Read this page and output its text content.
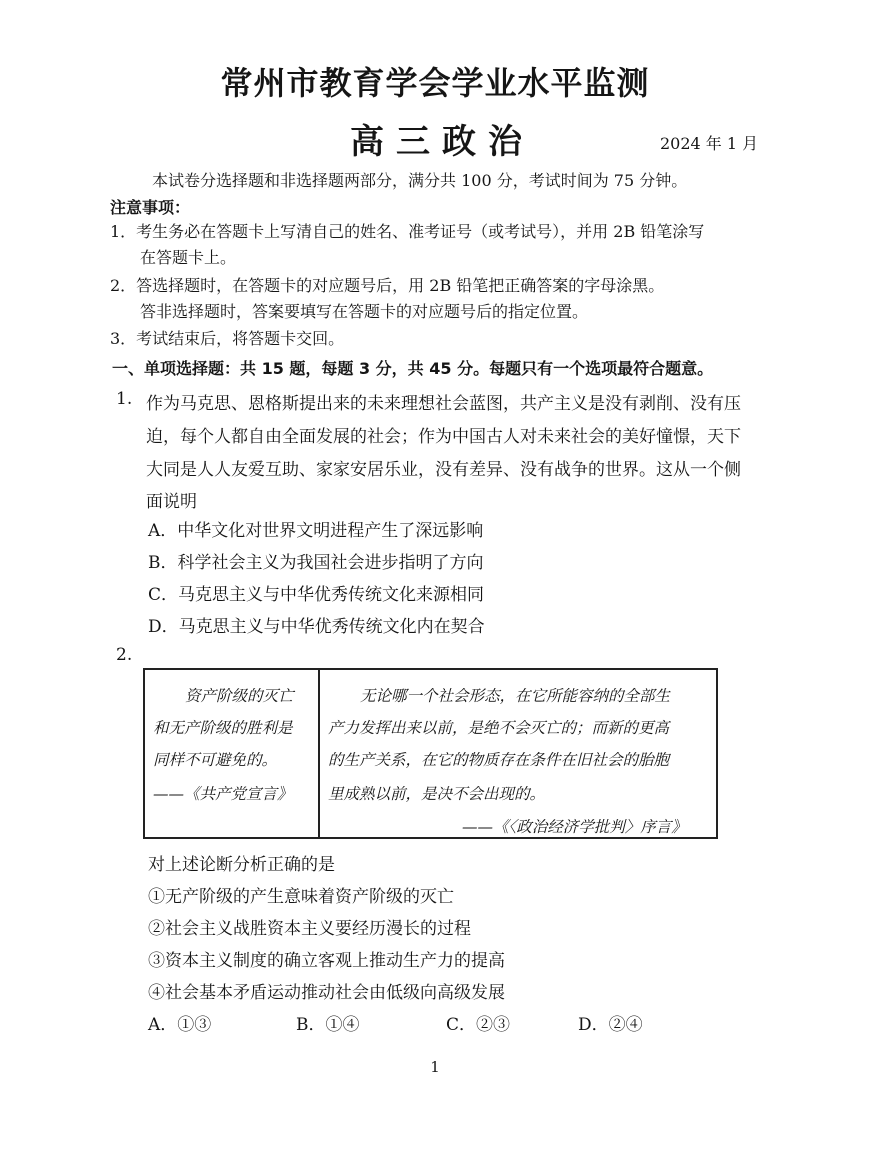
常州市教育学会学业水平监测
高三政治	2024 年 1 月
本试卷分选择题和非选择题两部分，满分共 100 分，考试时间为 75 分钟。
注意事项：
1．考生务必在答题卡上写清自己的姓名、准考证号（或考试号），并用 2B 铅笔涂写
在答题卡上。
2．答选择题时，在答题卡的对应题号后，用 2B 铅笔把正确答案的字母涂黑。
答非选择题时，答案要填写在答题卡的对应题号后的指定位置。
3．考试结束后，将答题卡交回。
一、单项选择题：共 15 题，每题 3 分，共 45 分。每题只有一个选项最符合题意。
1. 作为马克思、恩格斯提出来的未来理想社会蓝图，共产主义是没有剥削、没有压
迫，每个人都自由全面发展的社会；作为中国古人对未来社会的美好憧憬，天下
大同是人人友爱互助、家家安居乐业，没有差异、没有战争的世界。这从一个侧
面说明
A．中华文化对世界文明进程产生了深远影响
B．科学社会主义为我国社会进步指明了方向
C．马克思主义与中华优秀传统文化来源相同
D．马克思主义与中华优秀传统文化内在契合
2.
资产阶级的灭亡
和无产阶级的胜利是
同样不可避免的。
——《共产党宣言》
无论哪一个社会形态，在它所能容纳的全部生
产力发挥出来以前，是绝不会灭亡的；而新的更高
的生产关系，在它的物质存在条件在旧社会的胎胞
里成熟以前，是决不会出现的。
——《〈政治经济学批判〉序言》
对上述论断分析正确的是
①无产阶级的产生意味着资产阶级的灭亡
②社会主义战胜资本主义要经历漫长的过程
③资本主义制度的确立客观上推动生产力的提高
④社会基本矛盾运动推动社会由低级向高级发展
A．①③	B．①④	C．②③	D．②④
1
